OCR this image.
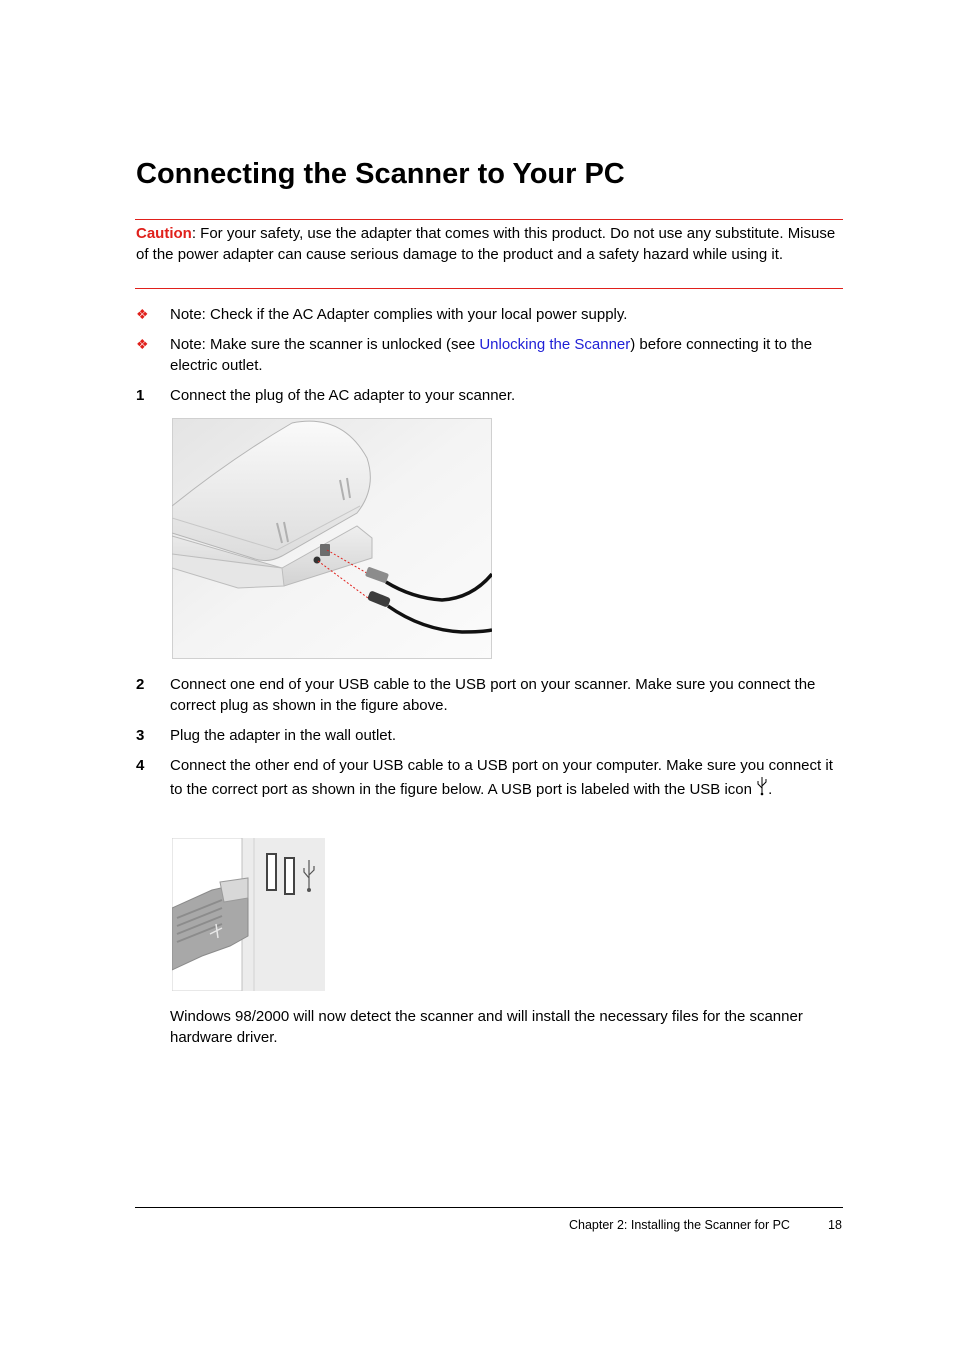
Connecting the Scanner to Your PC
Caution: For your safety, use the adapter that comes with this product. Do not use any substitute. Misuse of the power adapter can cause serious damage to the product and a safety hazard while using it.
❖	Note: Check if the AC Adapter complies with your local power supply.
❖	Note: Make sure the scanner is unlocked (see Unlocking the Scanner) before connecting it to the electric outlet.
1 Connect the plug of the AC adapter to your scanner.
2 Connect one end of your USB cable to the USB port on your scanner. Make sure you connect the correct plug as shown in the figure above.
3 Plug the adapter in the wall outlet.
4 Connect the other end of your USB cable to a USB port on your computer. Make sure you connect it to the correct port as shown in the figure below. A USB port is labeled with the USB icon .
Windows 98/2000 will now detect the scanner and will install the necessary files for the scanner hardware driver.
Chapter 2: Installing the Scanner for PC	18
